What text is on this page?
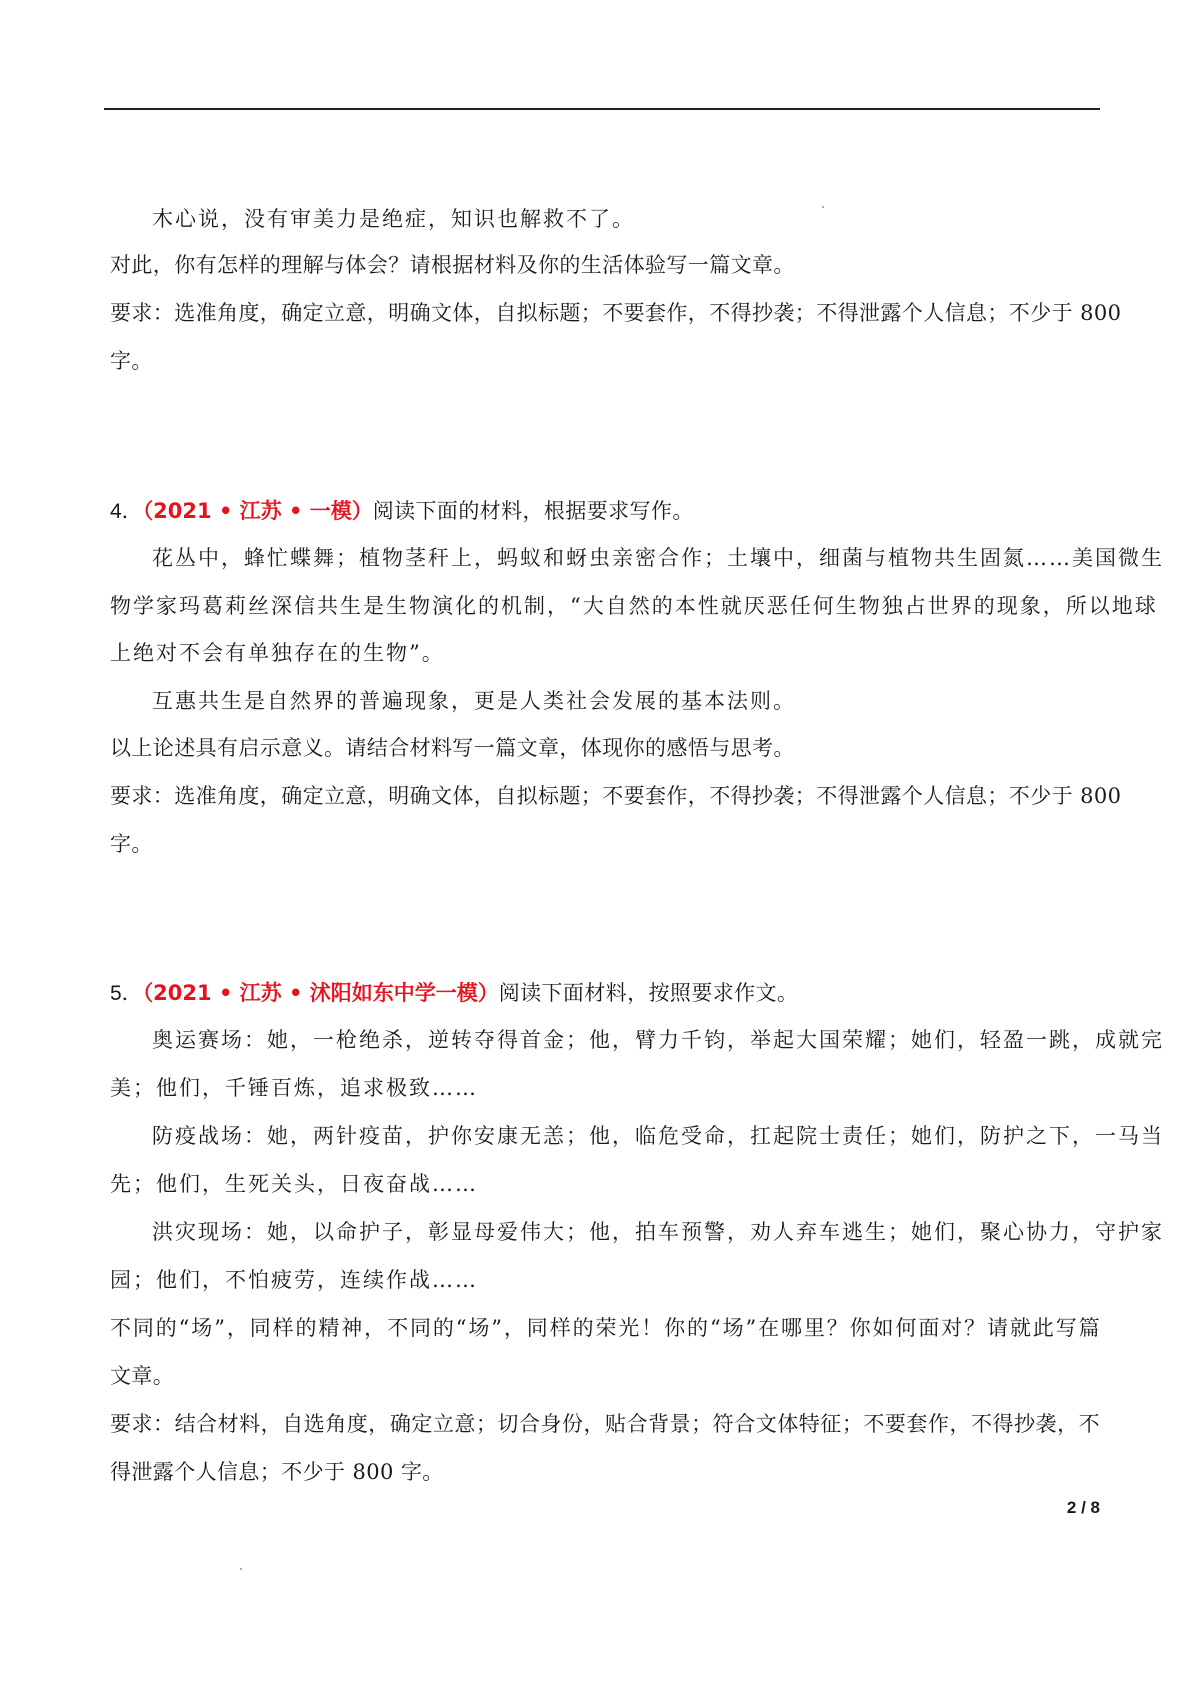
木心说，没有审美力是绝症，知识也解救不了。
对此，你有怎样的理解与体会？请根据材料及你的生活体验写一篇文章。
要求：选准角度，确定立意，明确文体，自拟标题；不要套作，不得抄袭；不得泄露个人信息；不少于 800
字。
4．（2021 • 江苏 • 一模）阅读下面的材料，根据要求写作。
花丛中，蜂忙蝶舞；植物茎秆上，蚂蚁和蚜虫亲密合作；土壤中，细菌与植物共生固氮……美国微生
物学家玛葛莉丝深信共生是生物演化的机制，“大自然的本性就厌恶任何生物独占世界的现象，所以地球
上绝对不会有单独存在的生物”。
互惠共生是自然界的普遍现象，更是人类社会发展的基本法则。
以上论述具有启示意义。请结合材料写一篇文章，体现你的感悟与思考。
要求：选准角度，确定立意，明确文体，自拟标题；不要套作，不得抄袭；不得泄露个人信息；不少于 800
字。
5．（2021 • 江苏 • 沭阳如东中学一模）阅读下面材料，按照要求作文。
奥运赛场：她，一枪绝杀，逆转夺得首金；他，臂力千钧，举起大国荣耀；她们，轻盈一跳，成就完
美；他们，千锤百炼，追求极致……
防疫战场：她，两针疫苗，护你安康无恙；他，临危受命，扛起院士责任；她们，防护之下，一马当
先；他们，生死关头，日夜奋战……
洪灾现场：她，以命护子，彰显母爱伟大；他，拍车预警，劝人弃车逃生；她们，聚心协力，守护家
园；他们，不怕疲劳，连续作战……
不同的“场”，同样的精神，不同的“场”，同样的荣光！你的“场”在哪里？你如何面对？请就此写篇
文章。
要求：结合材料，自选角度，确定立意；切合身份，贴合背景；符合文体特征；不要套作，不得抄袭，不
得泄露个人信息；不少于 800 字。
2 / 8
